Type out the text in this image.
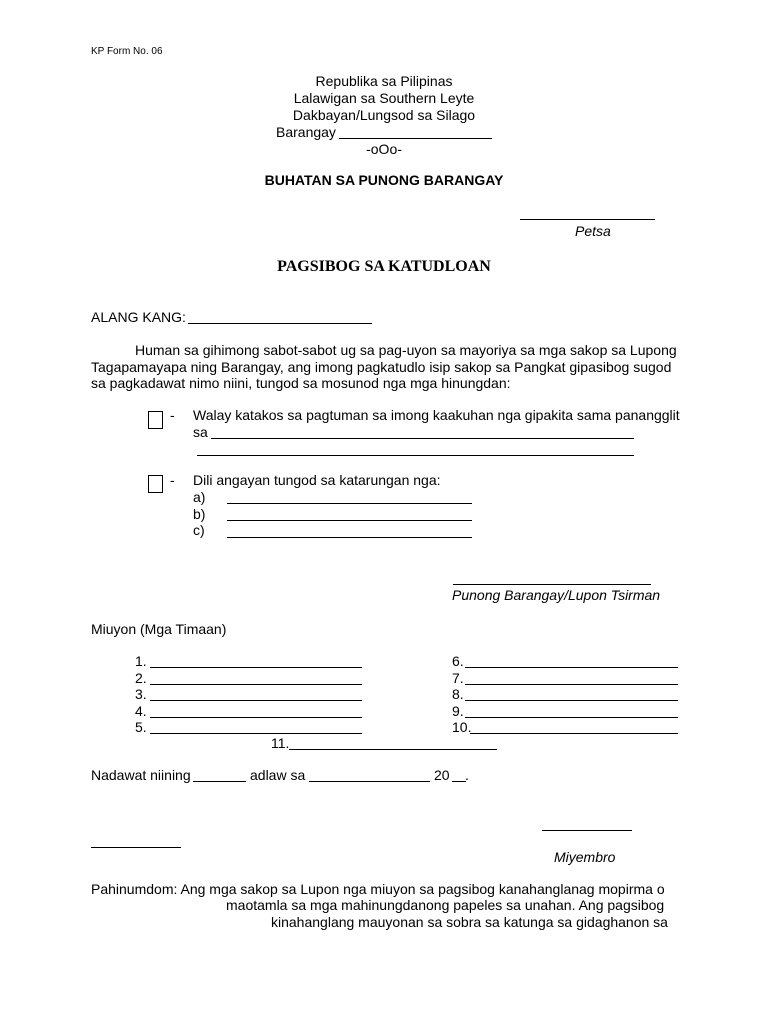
KP Form No. 06
Republika sa Pilipinas
Lalawigan sa Southern Leyte
Dakbayan/Lungsod sa Silago
Barangay
-oOo-
BUHATAN SA PUNONG BARANGAY
Petsa
PAGSIBOG SA KATUDLOAN
ALANG KANG:
Human sa gihimong sabot-sabot ug sa pag-uyon sa mayoriya sa mga sakop sa Lupong
Tagapamayapa ning Barangay, ang imong pagkatudlo isip sakop sa Pangkat gipasibog sugod
sa pagkadawat nimo niini, tungod sa mosunod nga mga hinungdan:
- Walay katakos sa pagtuman sa imong kaakuhan nga gipakita sama panangglit
sa
- Dili angayan tungod sa katarungan nga:
a)
b)
c)
Punong Barangay/Lupon Tsirman
Miuyon (Mga Timaan)
1.
2.
3.
4.
5.
6.
7.
8.
9.
10.
11.
Nadawat niining	adlaw sa	20 .
Miyembro
Pahinumdom: Ang mga sakop sa Lupon nga miuyon sa pagsibog kanahanglanag mopirma o
maotamla sa mga mahinungdanong papeles sa unahan. Ang pagsibog
kinahanglang mauyonan sa sobra sa katunga sa gidaghanon sa
